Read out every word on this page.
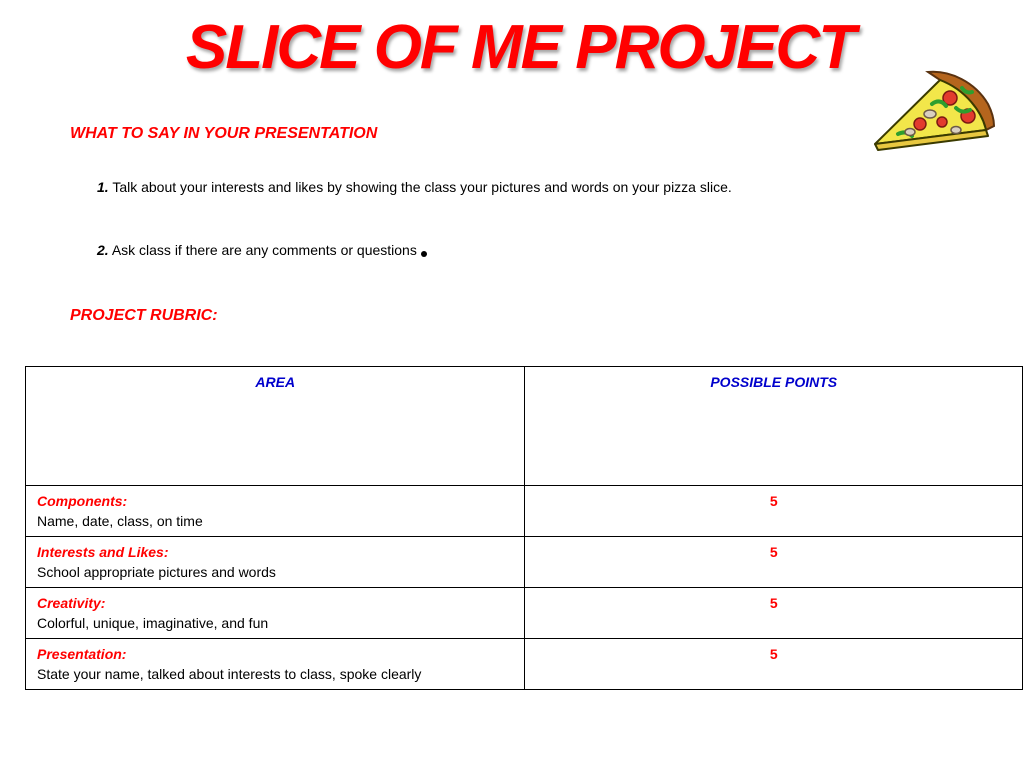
SLICE OF ME PROJECT
WHAT TO SAY IN YOUR PRESENTATION
1. Talk about your interests and likes by showing the class your pictures and words on your pizza slice.
2. Ask class if there are any comments or questions
PROJECT RUBRIC:
AREA	POSSIBLE POINTS

Components:
Name, date, class, on time	5

Interests and Likes:
School appropriate pictures and words	5

Creativity:
Colorful, unique, imaginative, and fun	5

Presentation:
State your name, talked about interests to class, spoke clearly	5
